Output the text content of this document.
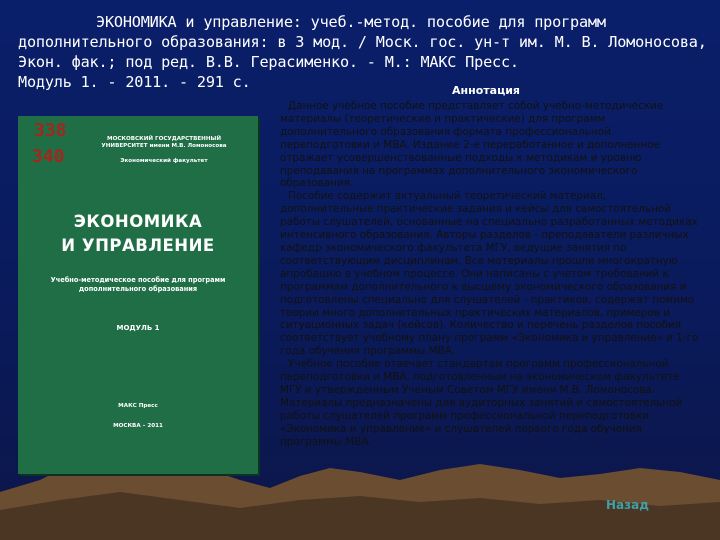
ЭКОНОМИКА и управление: учеб.-метод. пособие для программ
дополнительного образования: в 3 мод. / Моск. гос. ун-т им. М. В. Ломоносова,
Экон. фак.; под ред. В.В. Герасименко. - М.: МАКС Пресс.
Модуль 1. - 2011. - 291 с.	Аннотация

Данное учебное пособие представляет собой учебно-методические материалы (теоретические и практические) для программ дополнительного образования формата профессиональной переподготовки и MBA. Издание 2-е переработанное и дополненное отражает усовершенствованные подходы к методикам и уровню преподавания на программах дополнительного экономического образования.

Пособие содержит актуальный теоретический материал, дополнительные практические задания и кейсы для самостоятельной работы слушателей, основанные на специально разработанных методиках интенсивного образования. Авторы разделов - преподаватели различных кафедр экономического факультета МГУ, ведущие занятия по соответствующим дисциплинам. Все материалы прошли многократную апробацию в учебном процессе. Они написаны с учетом требований к программам дополнительного к высшему экономического образования и подготовлены специально для слушателей - практиков, содержат помимо теории много дополнительных практических материалов, примеров и ситуационных задач (кейсов). Количество и перечень разделов пособия соответствует учебному плану программ «Экономика и управление» и 1-го года обучения программы MBA.

Учебное пособие отвечает стандартам программ профессиональной переподготовки и MBA, подготовленным на экономическом факультете МГУ и утвержденным Ученым Советом МГУ имени М.В. Ломоносова. Материалы предназначены для аудиторных занятий и самостоятельной работы слушателей программ профессиональной переподготовки «Экономика и управление» и слушателей первого года обучения программы MBA.

338
340
МОСКОВСКИЙ ГОСУДАРСТВЕННЫЙ УНИВЕРСИТЕТ имени М.В. Ломоносова
Экономический факультет
ЭКОНОМИКА
И УПРАВЛЕНИЕ
Учебно-методическое пособие для программ дополнительного образования
МОДУЛЬ 1
МАКС Пресс
МОСКВА – 2011
Назад
